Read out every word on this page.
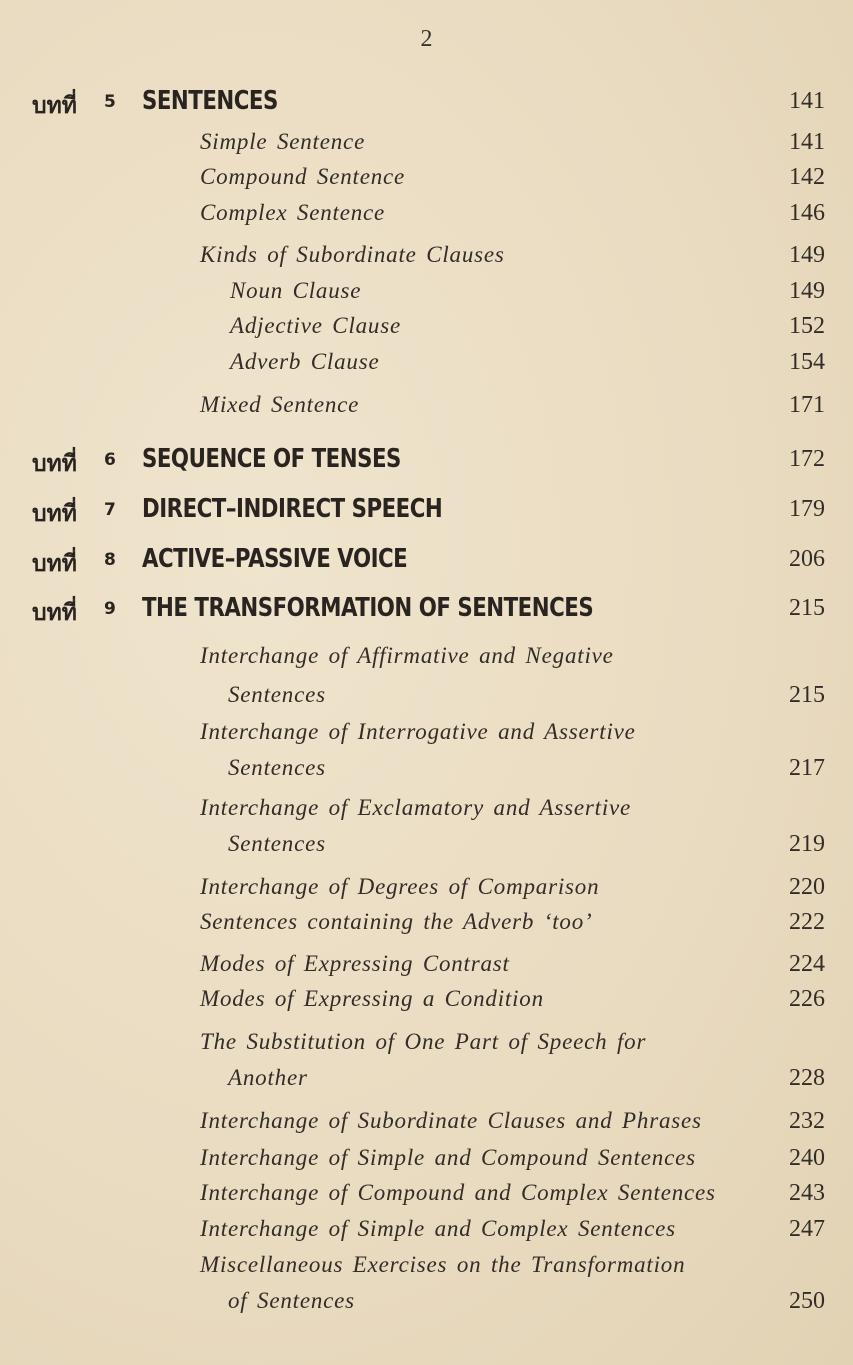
2
บทที่	5 SENTENCES	141
Simple Sentence	141
Compound Sentence	142
Complex Sentence	146
Kinds of Subordinate Clauses	149
Noun Clause	149
Adjective Clause	152
Adverb Clause	154
Mixed Sentence	171
บทที่	6 SEQUENCE OF TENSES	172
บทที่	7 DIRECT–INDIRECT SPEECH	179
บทที่	8 ACTIVE–PASSIVE VOICE	206
บทที่	9 THE TRANSFORMATION OF SENTENCES	215
Interchange of Affirmative and Negative
Sentences	215
Interchange of Interrogative and Assertive
Sentences	217
Interchange of Exclamatory and Assertive
Sentences	219
Interchange of Degrees of Comparison	220
Sentences containing the Adverb ‘too’	222
Modes of Expressing Contrast	224
Modes of Expressing a Condition	226
The Substitution of One Part of Speech for
Another	228
Interchange of Subordinate Clauses and Phrases	232
Interchange of Simple and Compound Sentences	240
Interchange of Compound and Complex Sentences	243
Interchange of Simple and Complex Sentences	247
Miscellaneous Exercises on the Transformation
of Sentences	250
